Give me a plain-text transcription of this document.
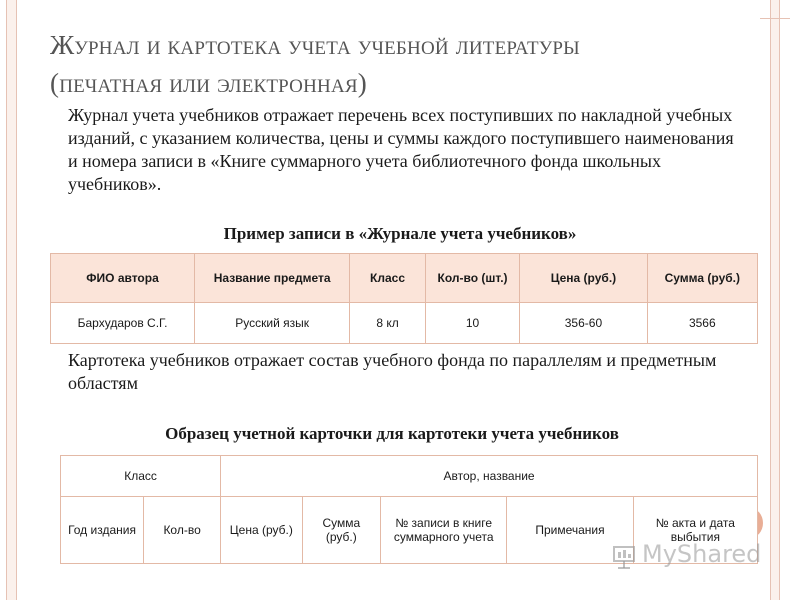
Журнал и картотека учета учебной литературы
(печатная или электронная)
Журнал учета учебников отражает перечень всех поступивших по накладной учебных изданий, с указанием количества, цены и суммы каждого поступившего наименования и номера записи в «Книге суммарного учета библиотечного фонда школьных учебников».
Пример записи в «Журнале учета учебников»
ФИО автора	Название предмета	Класс	Кол-во (шт.)	Цена (руб.)	Сумма (руб.)
Бархударов С.Г.	Русский язык	8 кл	10	356-60	3566
Картотека учебников отражает состав учебного фонда по параллелям и предметным областям
Образец учетной карточки для картотеки учета учебников
Класс		Автор, название				
Год издания	Кол-во	Цена (руб.)	Сумма (руб.)	№ записи в книге суммарного учета	Примечания	№ акта и дата выбытия
MyShared
